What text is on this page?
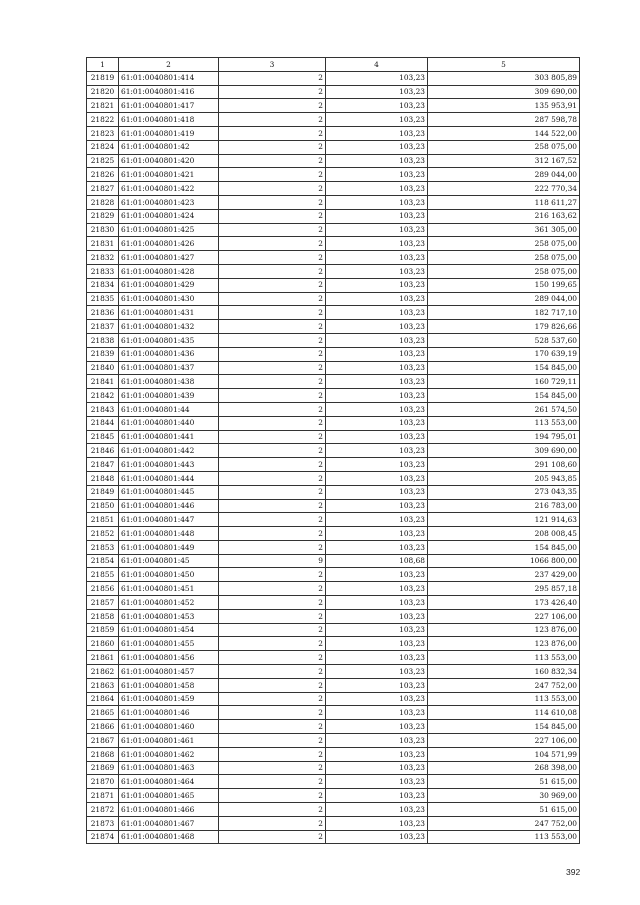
1	2	3	4	5
21819	61:01:0040801:414	2	103,23	303 805,89
21820	61:01:0040801:416	2	103,23	309 690,00
21821	61:01:0040801:417	2	103,23	135 953,91
21822	61:01:0040801:418	2	103,23	287 598,78
21823	61:01:0040801:419	2	103,23	144 522,00
21824	61:01:0040801:42	2	103,23	258 075,00
21825	61:01:0040801:420	2	103,23	312 167,52
21826	61:01:0040801:421	2	103,23	289 044,00
21827	61:01:0040801:422	2	103,23	222 770,34
21828	61:01:0040801:423	2	103,23	118 611,27
21829	61:01:0040801:424	2	103,23	216 163,62
21830	61:01:0040801:425	2	103,23	361 305,00
21831	61:01:0040801:426	2	103,23	258 075,00
21832	61:01:0040801:427	2	103,23	258 075,00
21833	61:01:0040801:428	2	103,23	258 075,00
21834	61:01:0040801:429	2	103,23	150 199,65
21835	61:01:0040801:430	2	103,23	289 044,00
21836	61:01:0040801:431	2	103,23	182 717,10
21837	61:01:0040801:432	2	103,23	179 826,66
21838	61:01:0040801:435	2	103,23	528 537,60
21839	61:01:0040801:436	2	103,23	170 639,19
21840	61:01:0040801:437	2	103,23	154 845,00
21841	61:01:0040801:438	2	103,23	160 729,11
21842	61:01:0040801:439	2	103,23	154 845,00
21843	61:01:0040801:44	2	103,23	261 574,50
21844	61:01:0040801:440	2	103,23	113 553,00
21845	61:01:0040801:441	2	103,23	194 795,01
21846	61:01:0040801:442	2	103,23	309 690,00
21847	61:01:0040801:443	2	103,23	291 108,60
21848	61:01:0040801:444	2	103,23	205 943,85
21849	61:01:0040801:445	2	103,23	273 043,35
21850	61:01:0040801:446	2	103,23	216 783,00
21851	61:01:0040801:447	2	103,23	121 914,63
21852	61:01:0040801:448	2	103,23	208 008,45
21853	61:01:0040801:449	2	103,23	154 845,00
21854	61:01:0040801:45	9	108,68	1066 800,00
21855	61:01:0040801:450	2	103,23	237 429,00
21856	61:01:0040801:451	2	103,23	295 857,18
21857	61:01:0040801:452	2	103,23	173 426,40
21858	61:01:0040801:453	2	103,23	227 106,00
21859	61:01:0040801:454	2	103,23	123 876,00
21860	61:01:0040801:455	2	103,23	123 876,00
21861	61:01:0040801:456	2	103,23	113 553,00
21862	61:01:0040801:457	2	103,23	160 832,34
21863	61:01:0040801:458	2	103,23	247 752,00
21864	61:01:0040801:459	2	103,23	113 553,00
21865	61:01:0040801:46	2	103,23	114 610,08
21866	61:01:0040801:460	2	103,23	154 845,00
21867	61:01:0040801:461	2	103,23	227 106,00
21868	61:01:0040801:462	2	103,23	104 571,99
21869	61:01:0040801:463	2	103,23	268 398,00
21870	61:01:0040801:464	2	103,23	51 615,00
21871	61:01:0040801:465	2	103,23	30 969,00
21872	61:01:0040801:466	2	103,23	51 615,00
21873	61:01:0040801:467	2	103,23	247 752,00
21874	61:01:0040801:468	2	103,23	113 553,00
392
